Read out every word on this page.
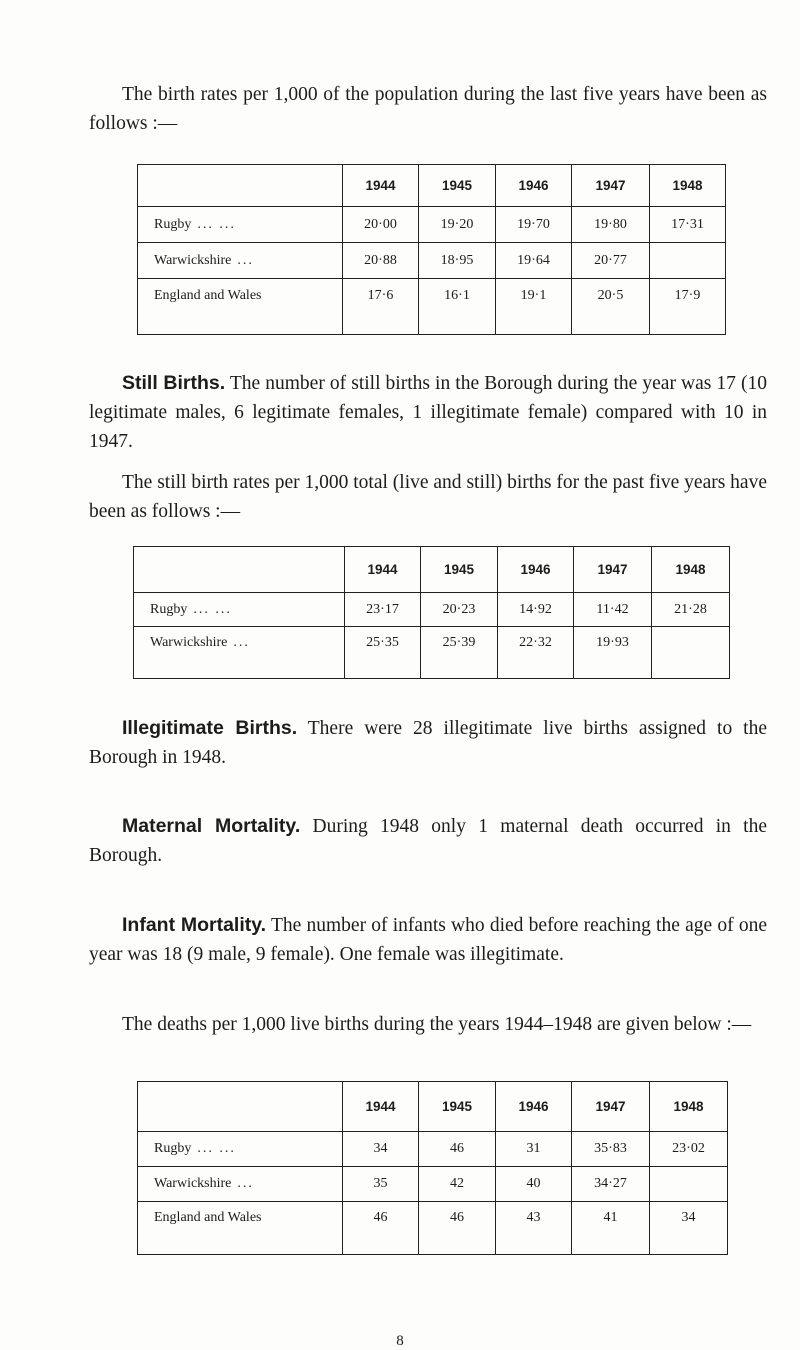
The birth rates per 1,000 of the population during the last five years have been as follows :—

	1944	1945	1946	1947	1948
Rugby ... ...	20·00	19·20	19·70	19·80	17·31
Warwickshire ...	20·88	18·95	19·64	20·77	
England and Wales	17·6	16·1	19·1	20·5	17·9

Still Births. The number of still births in the Borough during the year was 17 (10 legitimate males, 6 legitimate females, 1 illegitimate female) compared with 10 in 1947.

The still birth rates per 1,000 total (live and still) births for the past five years have been as follows :—

	1944	1945	1946	1947	1948
Rugby ... ...	23·17	20·23	14·92	11·42	21·28
Warwickshire ...	25·35	25·39	22·32	19·93	

Illegitimate Births. There were 28 illegitimate live births assigned to the Borough in 1948.

Maternal Mortality. During 1948 only 1 maternal death occurred in the Borough.

Infant Mortality. The number of infants who died before reaching the age of one year was 18 (9 male, 9 female). One female was illegitimate.

The deaths per 1,000 live births during the years 1944–1948 are given below :—

	1944	1945	1946	1947	1948
Rugby ... ...	34	46	31	35·83	23·02
Warwickshire ...	35	42	40	34·27	
England and Wales	46	46	43	41	34
8
